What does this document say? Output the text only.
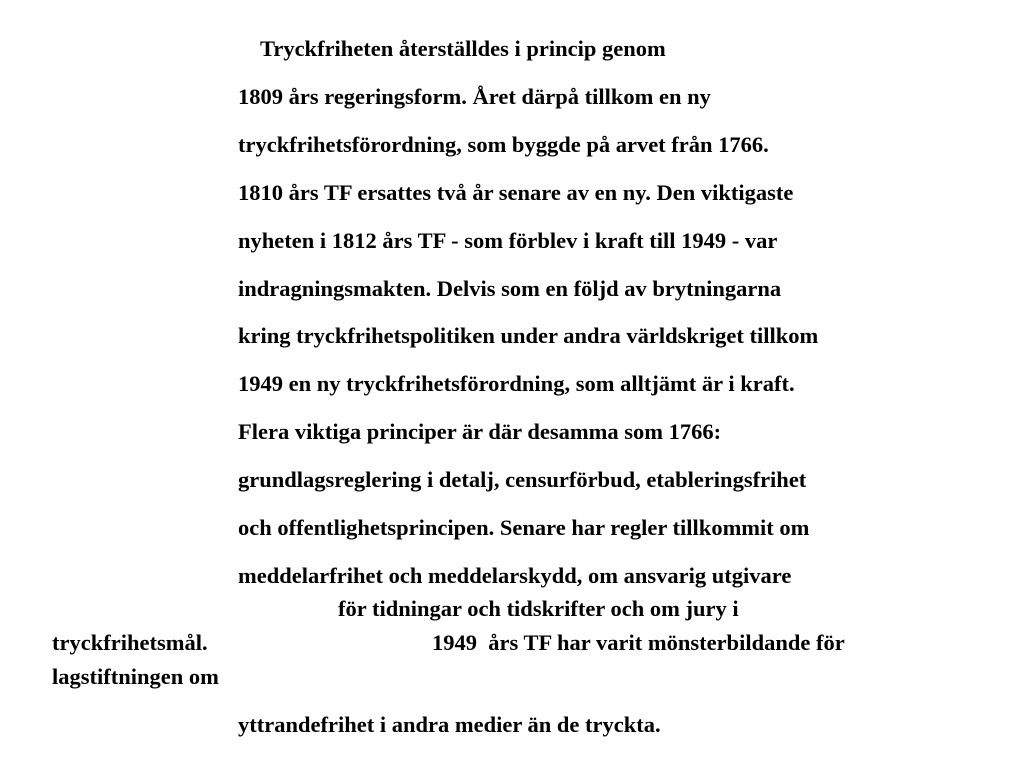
Tryckfriheten återställdes i princip genom
1809 års regeringsform. Året därpå tillkom en ny
tryckfrihetsförordning, som byggde på arvet från 1766.
1810 års TF ersattes två år senare av en ny. Den viktigaste
nyheten i 1812 års TF - som förblev i kraft till 1949 - var
indragningsmakten. Delvis som en följd av brytningarna
kring tryckfrihetspolitiken under andra världskriget tillkom
1949 en ny tryckfrihetsförordning, som alltjämt är i kraft.
Flera viktiga principer är där desamma som 1766:
grundlagsreglering i detalj, censurförbud, etableringsfrihet
och offentlighetsprincipen. Senare har regler tillkommit om
meddelarfrihet och meddelarskydd, om ansvarig utgivare
för tidningar och tidskrifter och om jury i
tryckfrihetsmål.	1949  års TF har varit mönsterbildande för
lagstiftningen om
yttrandefrihet i andra medier än de tryckta.
